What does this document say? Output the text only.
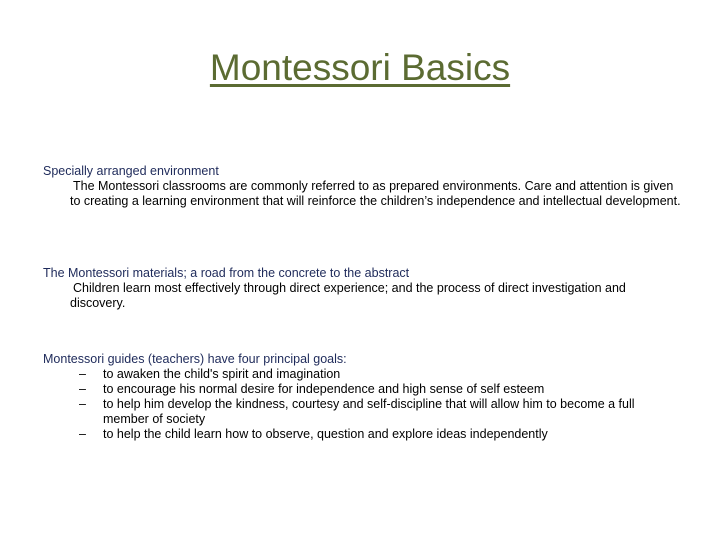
Montessori Basics
Specially arranged environment
The Montessori classrooms are commonly referred to as prepared environments. Care and attention is given to creating a learning environment that will reinforce the children’s independence and intellectual development.
The Montessori materials; a road from the concrete to the abstract
Children learn most effectively through direct experience; and the process of direct investigation and discovery.
Montessori guides (teachers) have four principal goals:
– to awaken the child's spirit and imagination
– to encourage his normal desire for independence and high sense of self esteem
– to help him develop the kindness, courtesy and self-discipline that will allow him to become a full member of society
– to help the child learn how to observe, question and explore ideas independently
